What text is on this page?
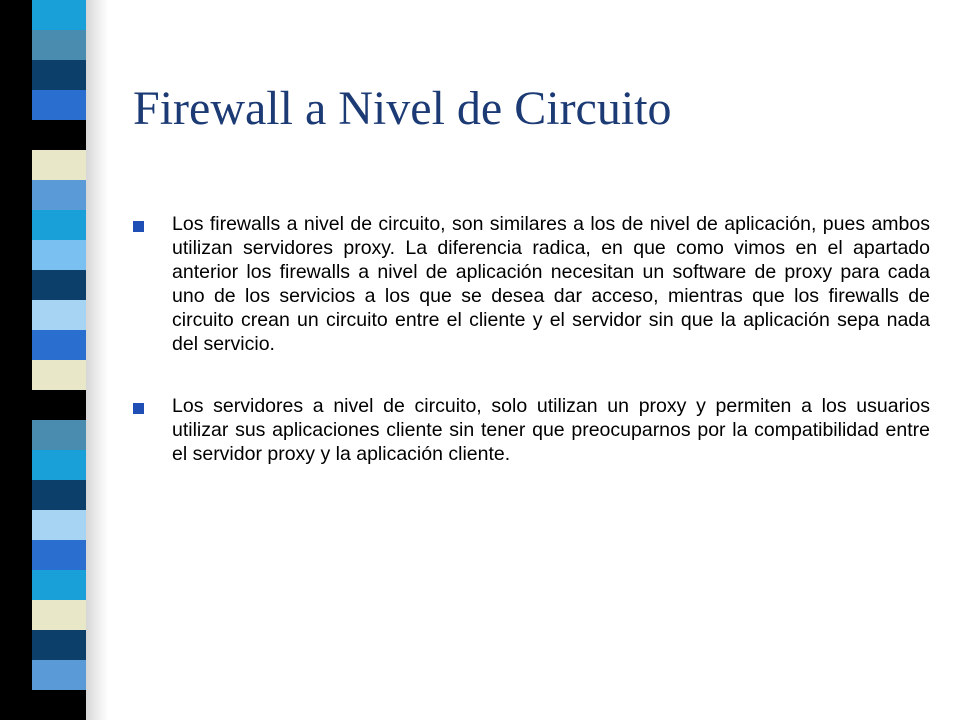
Firewall a Nivel de Circuito
Los firewalls a nivel de circuito, son similares a los de nivel de aplicación, pues ambos utilizan servidores proxy. La diferencia radica, en que como vimos en el apartado anterior los firewalls a nivel de aplicación necesitan un software de proxy para cada uno de los servicios a los que se desea dar acceso, mientras que los firewalls de circuito crean un circuito entre el cliente y el servidor sin que la aplicación sepa nada del servicio.
Los servidores a nivel de circuito, solo utilizan un proxy y permiten a los usuarios utilizar sus aplicaciones cliente sin tener que preocuparnos por la compatibilidad entre el servidor proxy y la aplicación cliente.
